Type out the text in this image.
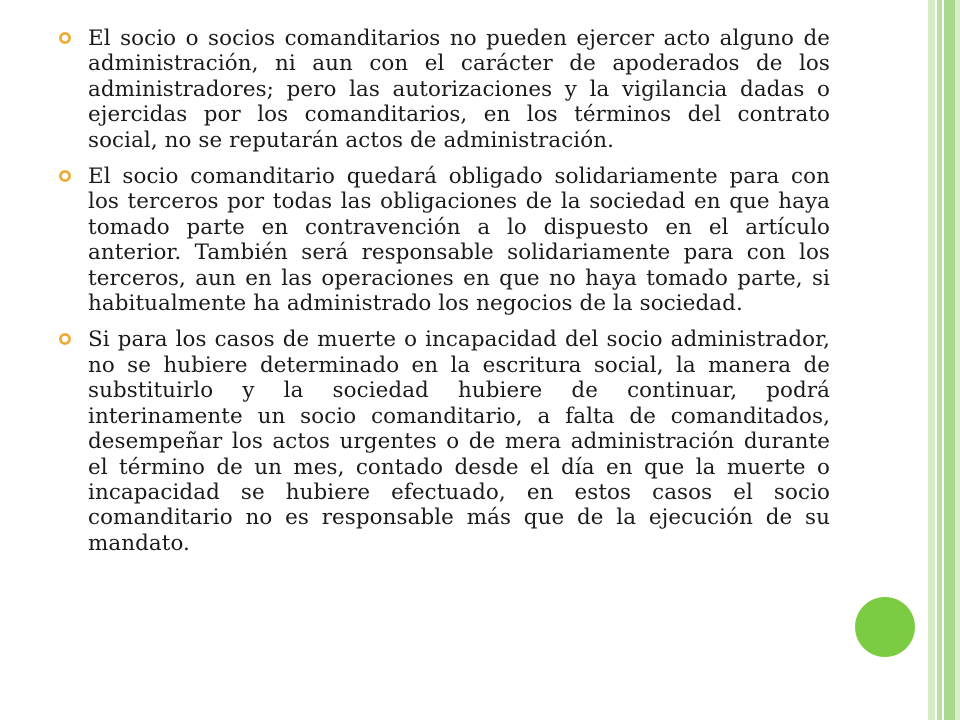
El socio o socios comanditarios no pueden ejercer acto alguno de administración, ni aun con el carácter de apoderados de los administradores; pero las autorizaciones y la vigilancia dadas o ejercidas por los comanditarios, en los términos del contrato social, no se reputarán actos de administración.
El socio comanditario quedará obligado solidariamente para con los terceros por todas las obligaciones de la sociedad en que haya tomado parte en contravención a lo dispuesto en el artículo anterior. También será responsable solidariamente para con los terceros, aun en las operaciones en que no haya tomado parte, si habitualmente ha administrado los negocios de la sociedad.
Si para los casos de muerte o incapacidad del socio administrador, no se hubiere determinado en la escritura social, la manera de substituirlo y la sociedad hubiere de continuar, podrá interinamente un socio comanditario, a falta de comanditados, desempeñar los actos urgentes o de mera administración durante el término de un mes, contado desde el día en que la muerte o incapacidad se hubiere efectuado, en estos casos el socio comanditario no es responsable más que de la ejecución de su mandato.
